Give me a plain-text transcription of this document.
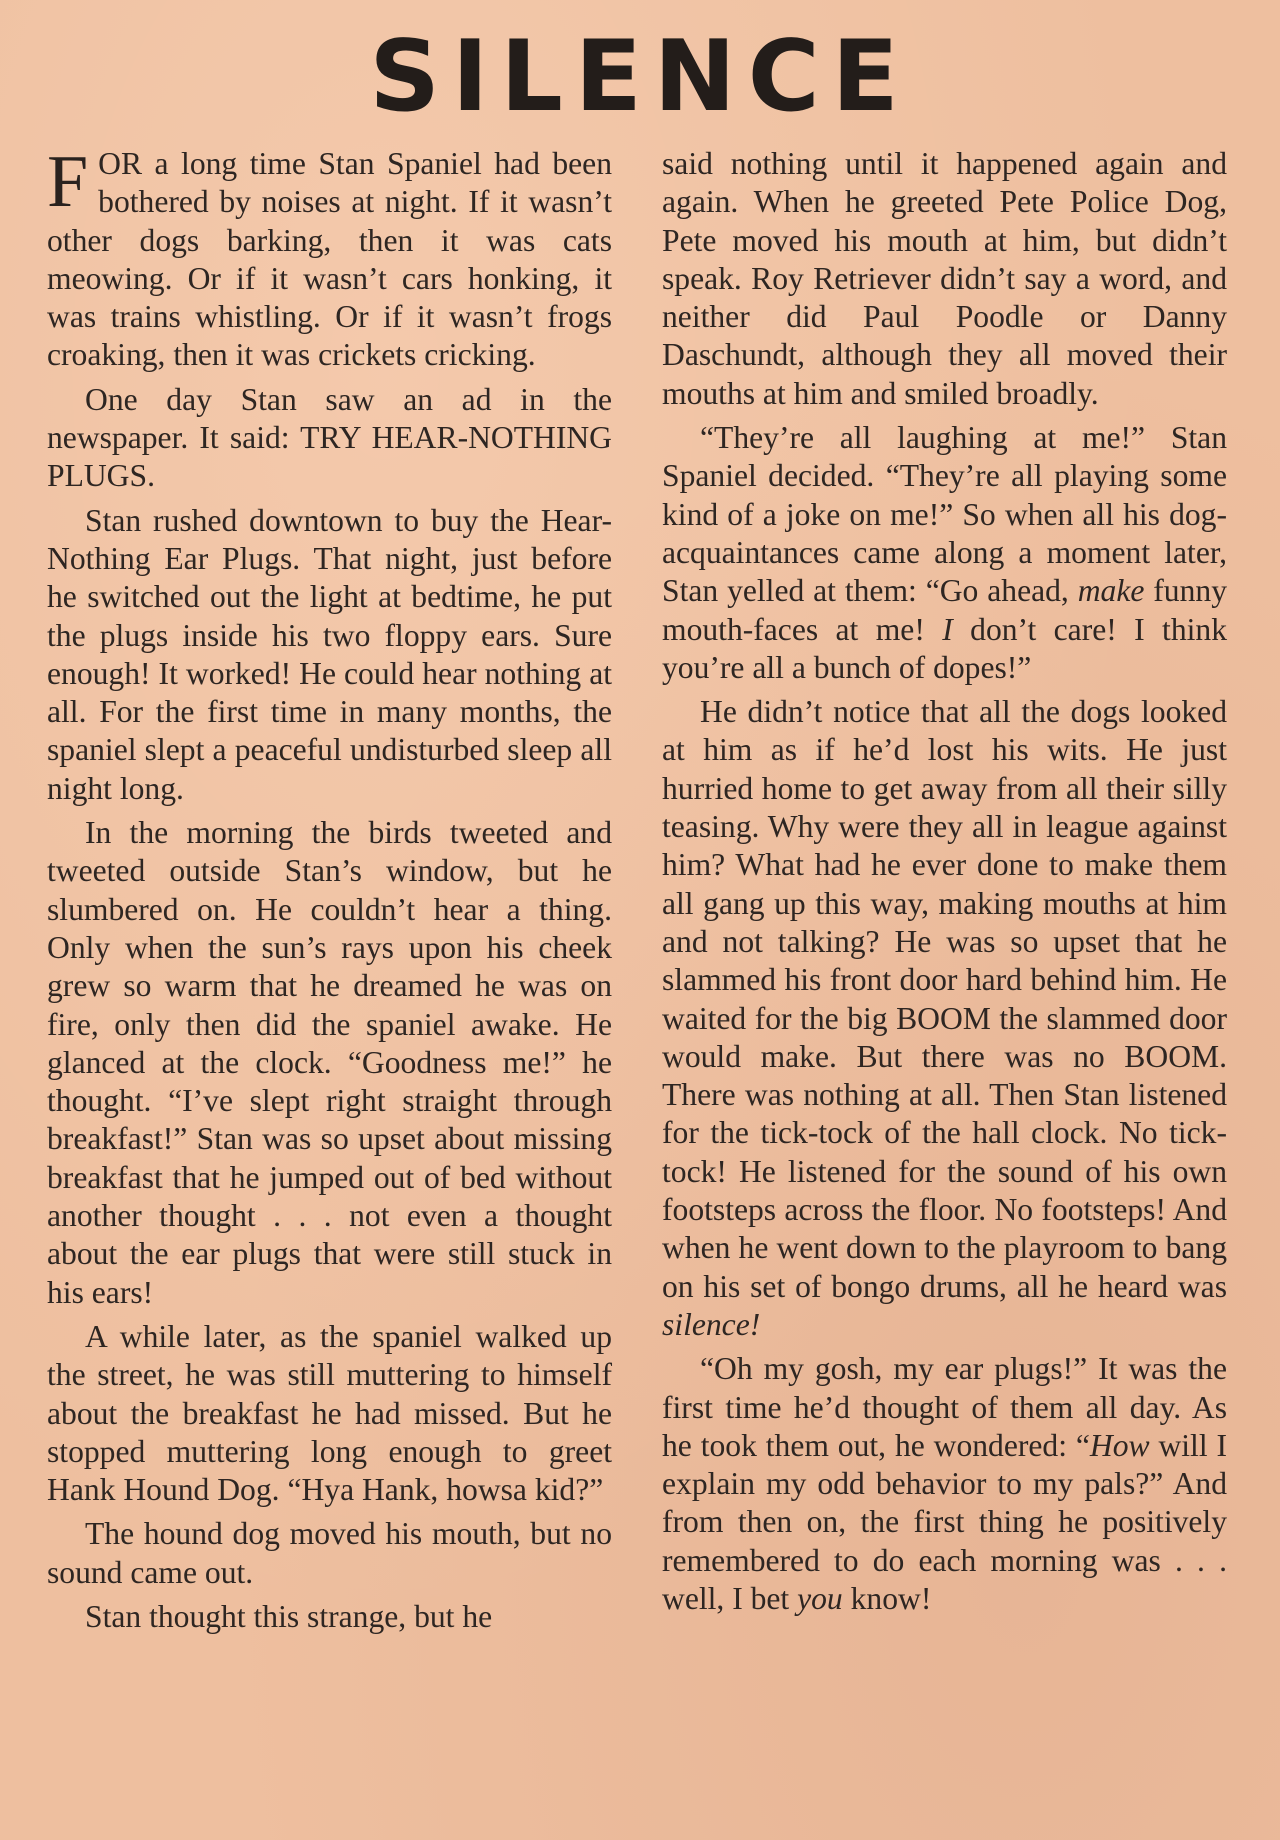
SILENCE

FOR a long time Stan Spaniel had been bothered by noises at night. If it wasn’t other dogs barking, then it was cats meowing. Or if it wasn’t cars honking, it was trains whistling. Or if it wasn’t frogs croaking, then it was crickets cricking.

One day Stan saw an ad in the newspaper. It said: TRY HEAR-NOTHING PLUGS.

Stan rushed downtown to buy the Hear-Nothing Ear Plugs. That night, just before he switched out the light at bedtime, he put the plugs inside his two floppy ears. Sure enough! It worked! He could hear nothing at all. For the first time in many months, the spaniel slept a peaceful undisturbed sleep all night long.

In the morning the birds tweeted and tweeted outside Stan’s window, but he slumbered on. He couldn’t hear a thing. Only when the sun’s rays upon his cheek grew so warm that he dreamed he was on fire, only then did the spaniel awake. He glanced at the clock. “Goodness me!” he thought. “I’ve slept right straight through breakfast!” Stan was so upset about missing breakfast that he jumped out of bed without another thought . . . not even a thought about the ear plugs that were still stuck in his ears!

A while later, as the spaniel walked up the street, he was still muttering to himself about the breakfast he had missed. But he stopped muttering long enough to greet Hank Hound Dog. “Hya Hank, howsa kid?”

The hound dog moved his mouth, but no sound came out.

Stan thought this strange, but he

said nothing until it happened again and again. When he greeted Pete Police Dog, Pete moved his mouth at him, but didn’t speak. Roy Retriever didn’t say a word, and neither did Paul Poodle or Danny Daschundt, although they all moved their mouths at him and smiled broadly.

“They’re all laughing at me!” Stan Spaniel decided. “They’re all playing some kind of a joke on me!” So when all his dog-acquaintances came along a moment later, Stan yelled at them: “Go ahead, make funny mouth-faces at me! I don’t care! I think you’re all a bunch of dopes!”

He didn’t notice that all the dogs looked at him as if he’d lost his wits. He just hurried home to get away from all their silly teasing. Why were they all in league against him? What had he ever done to make them all gang up this way, making mouths at him and not talking? He was so upset that he slammed his front door hard behind him. He waited for the big BOOM the slammed door would make. But there was no BOOM. There was nothing at all. Then Stan listened for the tick-tock of the hall clock. No tick-tock! He listened for the sound of his own footsteps across the floor. No footsteps! And when he went down to the playroom to bang on his set of bongo drums, all he heard was silence!

“Oh my gosh, my ear plugs!” It was the first time he’d thought of them all day. As he took them out, he wondered: “How will I explain my odd behavior to my pals?” And from then on, the first thing he positively remembered to do each morning was . . . well, I bet you know!
